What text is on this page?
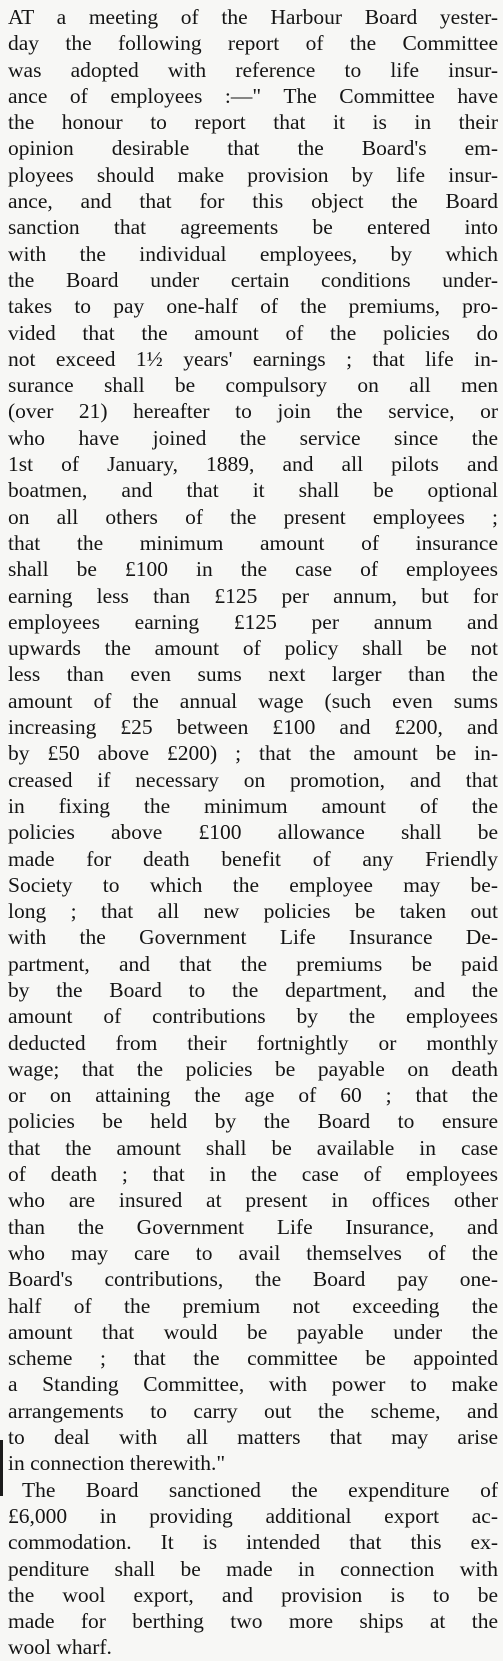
AT a meeting of the Harbour Board yester-
day the following report of the Committee
was adopted with reference to life insur-
ance of employees :—" The Committee have
the honour to report that it is in their
opinion desirable that the Board's em-
ployees should make provision by life insur-
ance, and that for this object the Board
sanction that agreements be entered into
with the individual employees, by which
the Board under certain conditions under-
takes to pay one-half of the premiums, pro-
vided that the amount of the policies do
not exceed 1½ years' earnings ; that life in-
surance shall be compulsory on all men
(over 21) hereafter to join the service, or
who have joined the service since the
1st of January, 1889, and all pilots and
boatmen, and that it shall be optional
on all others of the present employees ;
that the minimum amount of insurance
shall be £100 in the case of employees
earning less than £125 per annum, but for
employees earning £125 per annum and
upwards the amount of policy shall be not
less than even sums next larger than the
amount of the annual wage (such even sums
increasing £25 between £100 and £200, and
by £50 above £200) ; that the amount be in-
creased if necessary on promotion, and that
in fixing the minimum amount of the
policies above £100 allowance shall be
made for death benefit of any Friendly
Society to which the employee may be-
long ; that all new policies be taken out
with the Government Life Insurance De-
partment, and that the premiums be paid
by the Board to the department, and the
amount of contributions by the employees
deducted from their fortnightly or monthly
wage; that the policies be payable on death
or on attaining the age of 60 ; that the
policies be held by the Board to ensure
that the amount shall be available in case
of death ; that in the case of employees
who are insured at present in offices other
than the Government Life Insurance, and
who may care to avail themselves of the
Board's contributions, the Board pay one-
half of the premium not exceeding the
amount that would be payable under the
scheme ; that the committee be appointed
a Standing Committee, with power to make
arrangements to carry out the scheme, and
to deal with all matters that may arise
in connection therewith."
The Board sanctioned the expenditure of
£6,000 in providing additional export ac-
commodation. It is intended that this ex-
penditure shall be made in connection with
the wool export, and provision is to be
made for berthing two more ships at the
wool wharf.
